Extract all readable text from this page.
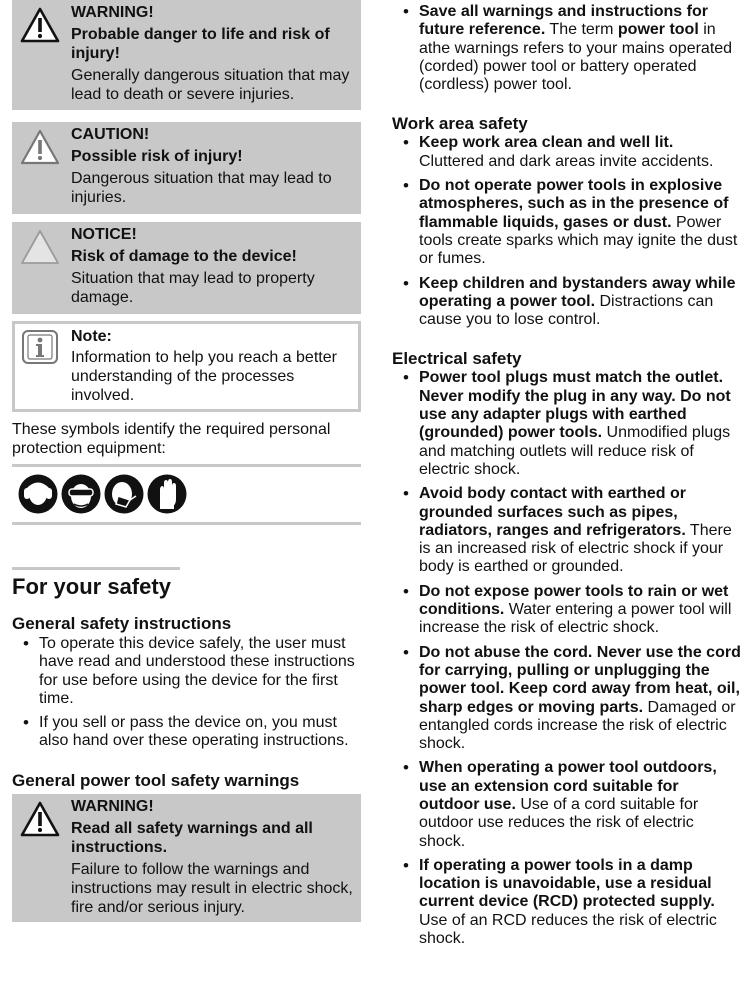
WARNING!
Probable danger to life and risk of injury!
Generally dangerous situation that may lead to death or severe injuries.
CAUTION!
Possible risk of injury!
Dangerous situation that may lead to injuries.
NOTICE!
Risk of damage to the device!
Situation that may lead to property damage.
Note:
Information to help you reach a better understanding of the processes involved.
These symbols identify the required personal protection equipment:
For your safety
General safety instructions
• To operate this device safely, the user must have read and understood these instructions for use before using the device for the first time.
• If you sell or pass the device on, you must also hand over these operating instructions.
General power tool safety warnings
WARNING!
Read all safety warnings and all instructions.
Failure to follow the warnings and instructions may result in electric shock, fire and/or serious injury.
• Save all warnings and instructions for future reference. The term power tool in athe warnings refers to your mains operated (corded) power tool or battery operated (cordless) power tool.
Work area safety
• Keep work area clean and well lit. Cluttered and dark areas invite accidents.
• Do not operate power tools in explosive atmospheres, such as in the presence of flammable liquids, gases or dust. Power tools create sparks which may ignite the dust or fumes.
• Keep children and bystanders away while operating a power tool. Distractions can cause you to lose control.
Electrical safety
• Power tool plugs must match the outlet. Never modify the plug in any way. Do not use any adapter plugs with earthed (grounded) power tools. Unmodified plugs and matching outlets will reduce risk of electric shock.
• Avoid body contact with earthed or grounded surfaces such as pipes, radiators, ranges and refrigerators. There is an increased risk of electric shock if your body is earthed or grounded.
• Do not expose power tools to rain or wet conditions. Water entering a power tool will increase the risk of electric shock.
• Do not abuse the cord. Never use the cord for carrying, pulling or unplugging the power tool. Keep cord away from heat, oil, sharp edges or moving parts. Damaged or entangled cords increase the risk of electric shock.
• When operating a power tool outdoors, use an extension cord suitable for outdoor use. Use of a cord suitable for outdoor use reduces the risk of electric shock.
• If operating a power tools in a damp location is unavoidable, use a residual current device (RCD) protected supply. Use of an RCD reduces the risk of electric shock.
